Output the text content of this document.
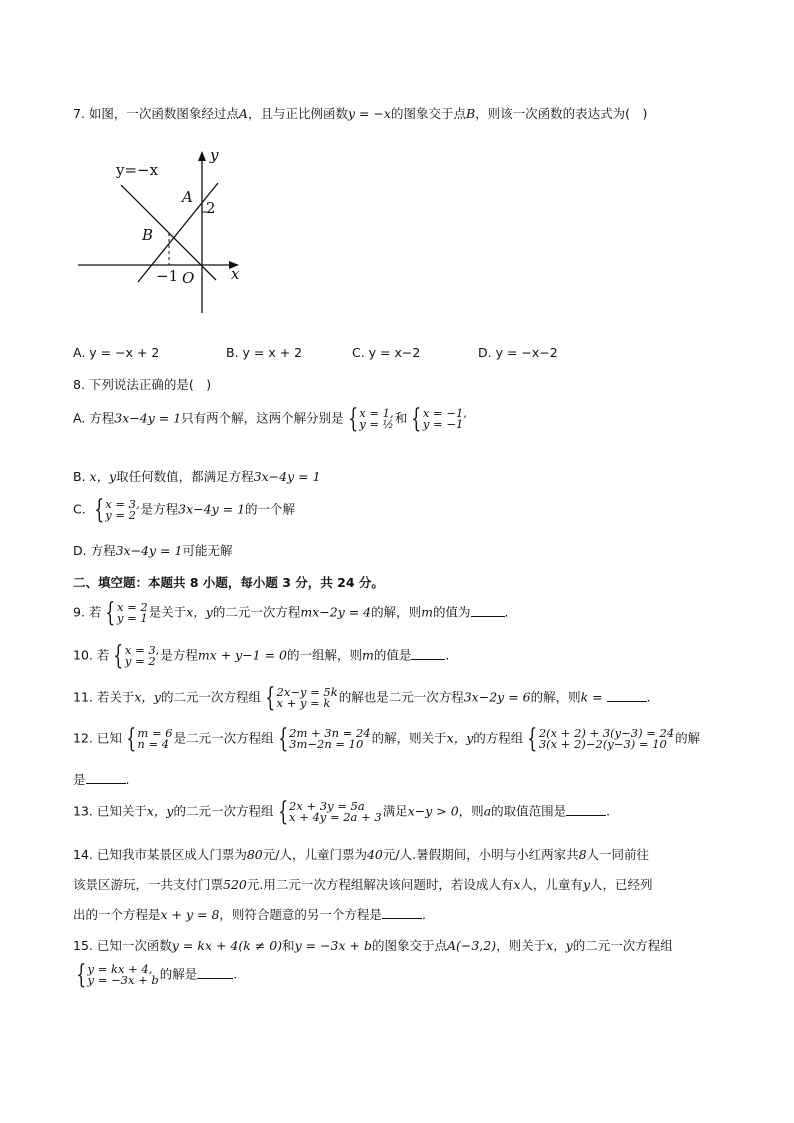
7. 如图，一次函数图象经过点A，且与正比例函数y = −x的图象交于点B，则该一次函数的表达式为(　)
y=−x
y
x
A
B
2
−1 O
A. y = −x + 2	B. y = x + 2	C. y = x−2	D. y = −x−2
8. 下列说法正确的是(　)
A. 方程3x−4y = 1只有两个解，这两个解分别是 { x = 1,
y = ½ 和 { x = −1,
y = −1
B. x，y取任何数值，都满足方程3x−4y = 1
C. { x = 3,
y = 2 是方程3x−4y = 1的一个解
D. 方程3x−4y = 1可能无解
二、填空题：本题共 8 小题，每小题 3 分，共 24 分。
9. 若 { x = 2
y = 1 是关于x，y的二元一次方程mx−2y = 4的解，则m的值为	.
10. 若 { x = 3,
y = 2 是方程mx + y−1 = 0的一组解，则m的值是	.
11. 若关于x，y的二元一次方程组 { 2x−y = 5k
x + y = k 的解也是二元一次方程3x−2y = 6的解，则k =	.
12. 已知 { m = 6
n = 4 是二元一次方程组 { 2m + 3n = 24
3m−2n = 10 的解，则关于x，y的方程组 { 2(x + 2) + 3(y−3) = 24
3(x + 2)−2(y−3) = 10 的解
是	.
13. 已知关于x，y的二元一次方程组 { 2x + 3y = 5a
x + 4y = 2a + 3 满足x−y > 0，则a的取值范围是	.
14. 已知我市某景区成人门票为80元/人，儿童门票为40元/人.暑假期间，小明与小红两家共8人一同前往
该景区游玩，一共支付门票520元.用二元一次方程组解决该问题时，若设成人有x人，儿童有y人，已经列
出的一个方程是x + y = 8，则符合题意的另一个方程是	.
15. 已知一次函数y = kx + 4(k ≠ 0)和y = −3x + b的图象交于点A(−3,2)，则关于x，y的二元一次方程组
{ y = kx + 4,
y = −3x + b 的解是	.
